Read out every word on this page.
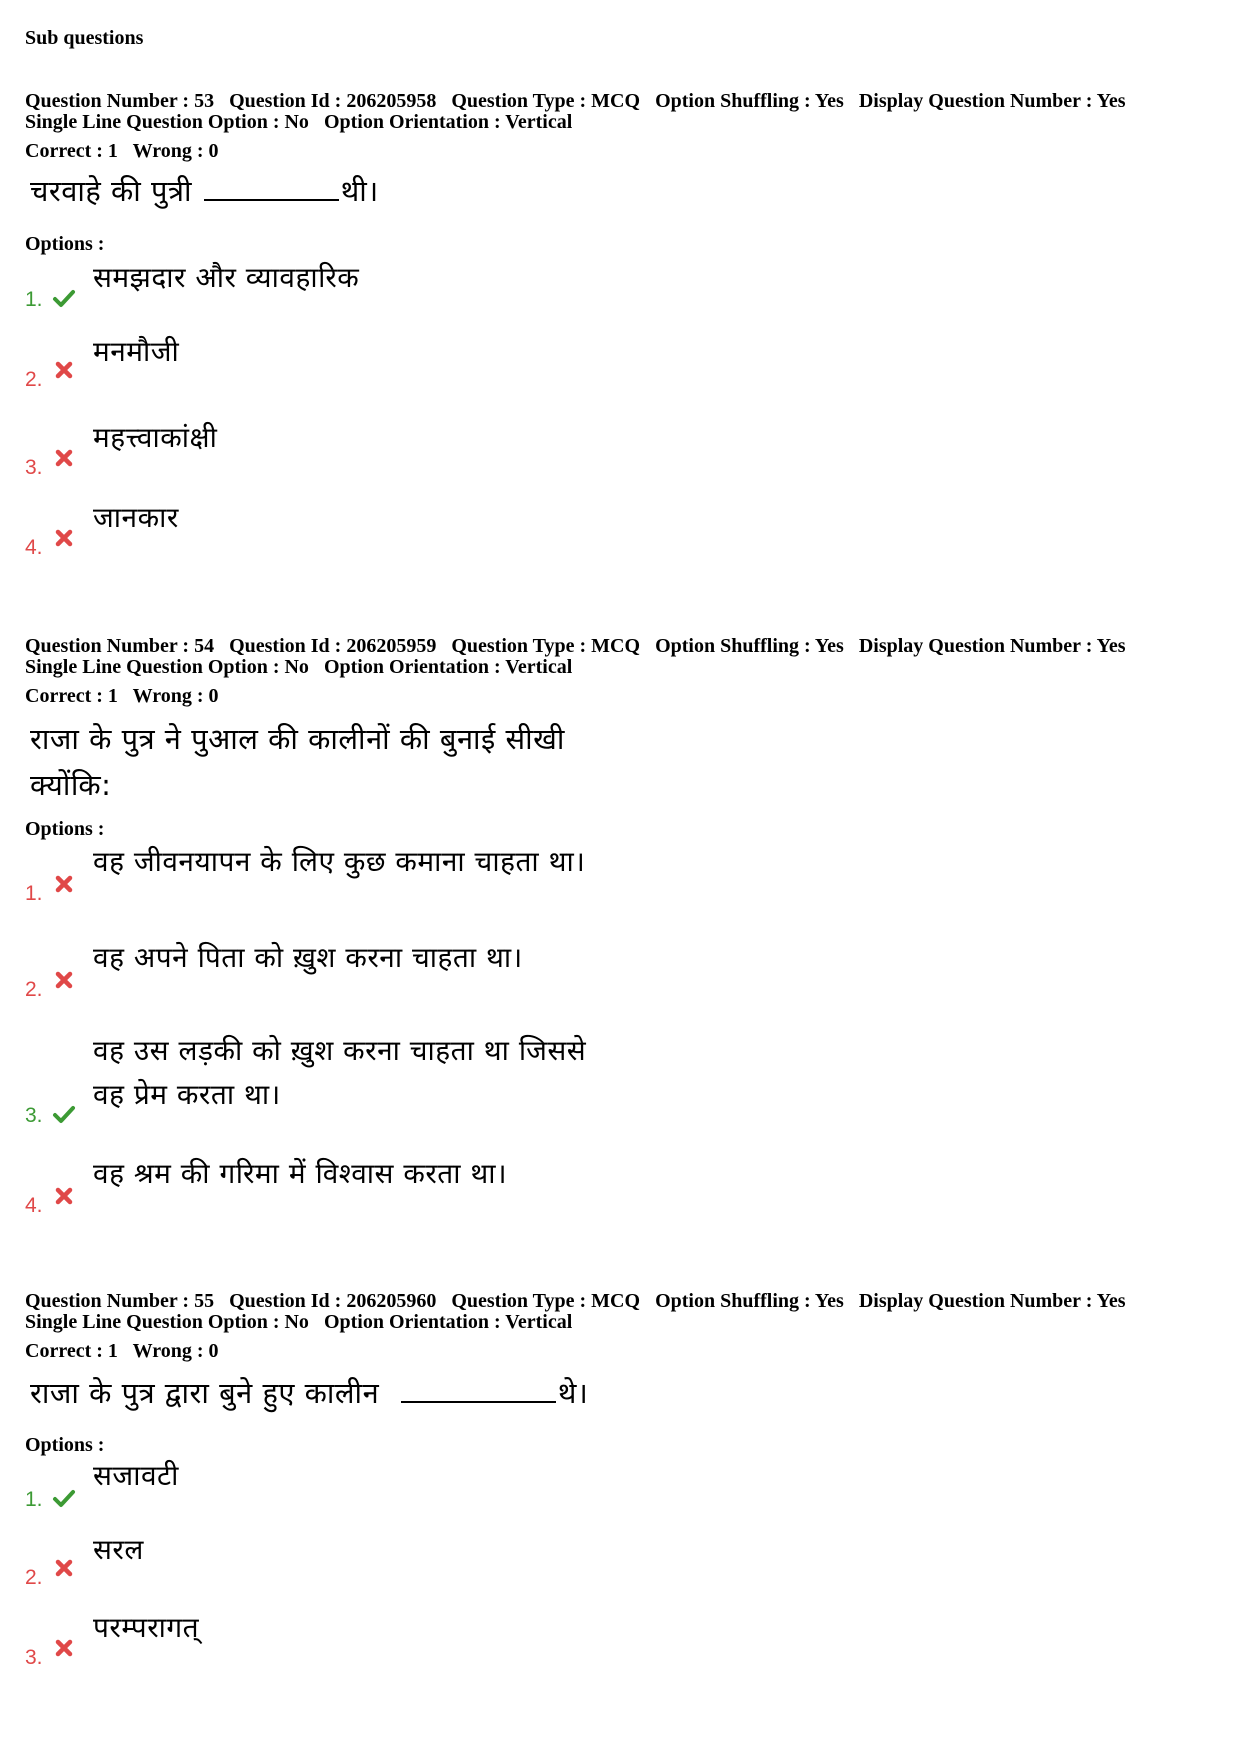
Sub questions
Question Number : 53 Question Id : 206205958 Question Type : MCQ Option Shuffling : Yes Display Question Number : Yes
Single Line Question Option : No Option Orientation : Vertical
Correct : 1 Wrong : 0
चरवाहे की पुत्री	थी।
Options :
1.
समझदार और व्यावहारिक
2.
मनमौजी
3.
महत्त्वाकांक्षी
4.
जानकार
Question Number : 54 Question Id : 206205959 Question Type : MCQ Option Shuffling : Yes Display Question Number : Yes
Single Line Question Option : No Option Orientation : Vertical
Correct : 1 Wrong : 0
राजा के पुत्र ने पुआल की कालीनों की बुनाई सीखी
क्योंकि:
Options :
1.
वह जीवनयापन के लिए कुछ कमाना चाहता था।
2.
वह अपने पिता को ख़ुश करना चाहता था।
3.
वह उस लड़की को ख़ुश करना चाहता था जिससे
वह प्रेम करता था।
4.
वह श्रम की गरिमा में विश्वास करता था।
Question Number : 55 Question Id : 206205960 Question Type : MCQ Option Shuffling : Yes Display Question Number : Yes
Single Line Question Option : No Option Orientation : Vertical
Correct : 1 Wrong : 0
राजा के पुत्र द्वारा बुने हुए कालीन	थे।
Options :
1.
सजावटी
2.
सरल
3.
परम्परागत्
